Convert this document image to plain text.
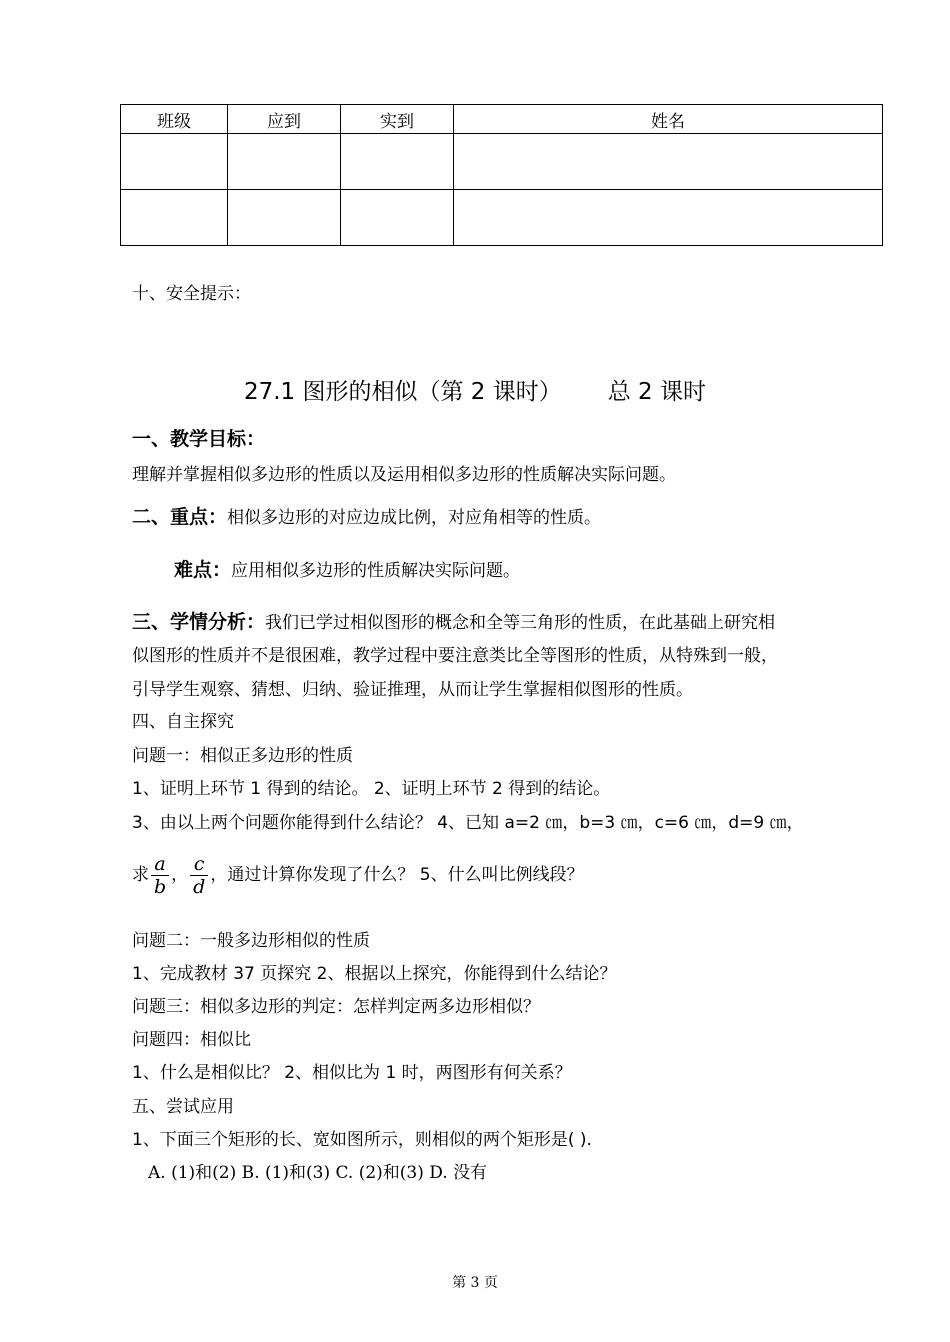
班级	应到	实到	姓名

十、安全提示：
27.1 图形的相似（第 2 课时） 总 2 课时
一、教学目标：
理解并掌握相似多边形的性质以及运用相似多边形的性质解决实际问题。
二、重点：相似多边形的对应边成比例，对应角相等的性质。
难点：应用相似多边形的性质解决实际问题。
三、学情分析：我们已学过相似图形的概念和全等三角形的性质，在此基础上研究相
似图形的性质并不是很困难，教学过程中要注意类比全等图形的性质，从特殊到一般，
引导学生观察、猜想、归纳、验证推理，从而让学生掌握相似图形的性质。
四、自主探究
问题一：相似正多边形的性质
1、证明上环节 1 得到的结论。 2、证明上环节 2 得到的结论。
3、由以上两个问题你能得到什么结论？ 4、已知 a=2 ㎝，b=3 ㎝，c=6 ㎝，d=9 ㎝，
求 $\frac{a}{b}$ ， $\frac{c}{d}$ ，通过计算你发现了什么？ 5、什么叫比例线段？
问题二：一般多边形相似的性质
1、完成教材 37 页探究 2、根据以上探究，你能得到什么结论？
问题三：相似多边形的判定：怎样判定两多边形相似？
问题四：相似比
1、什么是相似比？ 2、相似比为 1 时，两图形有何关系？
五、尝试应用
1、下面三个矩形的长、宽如图所示，则相似的两个矩形是( ).
A. (1)和(2) B. (1)和(3) C. (2)和(3) D. 没有
第 3 页
